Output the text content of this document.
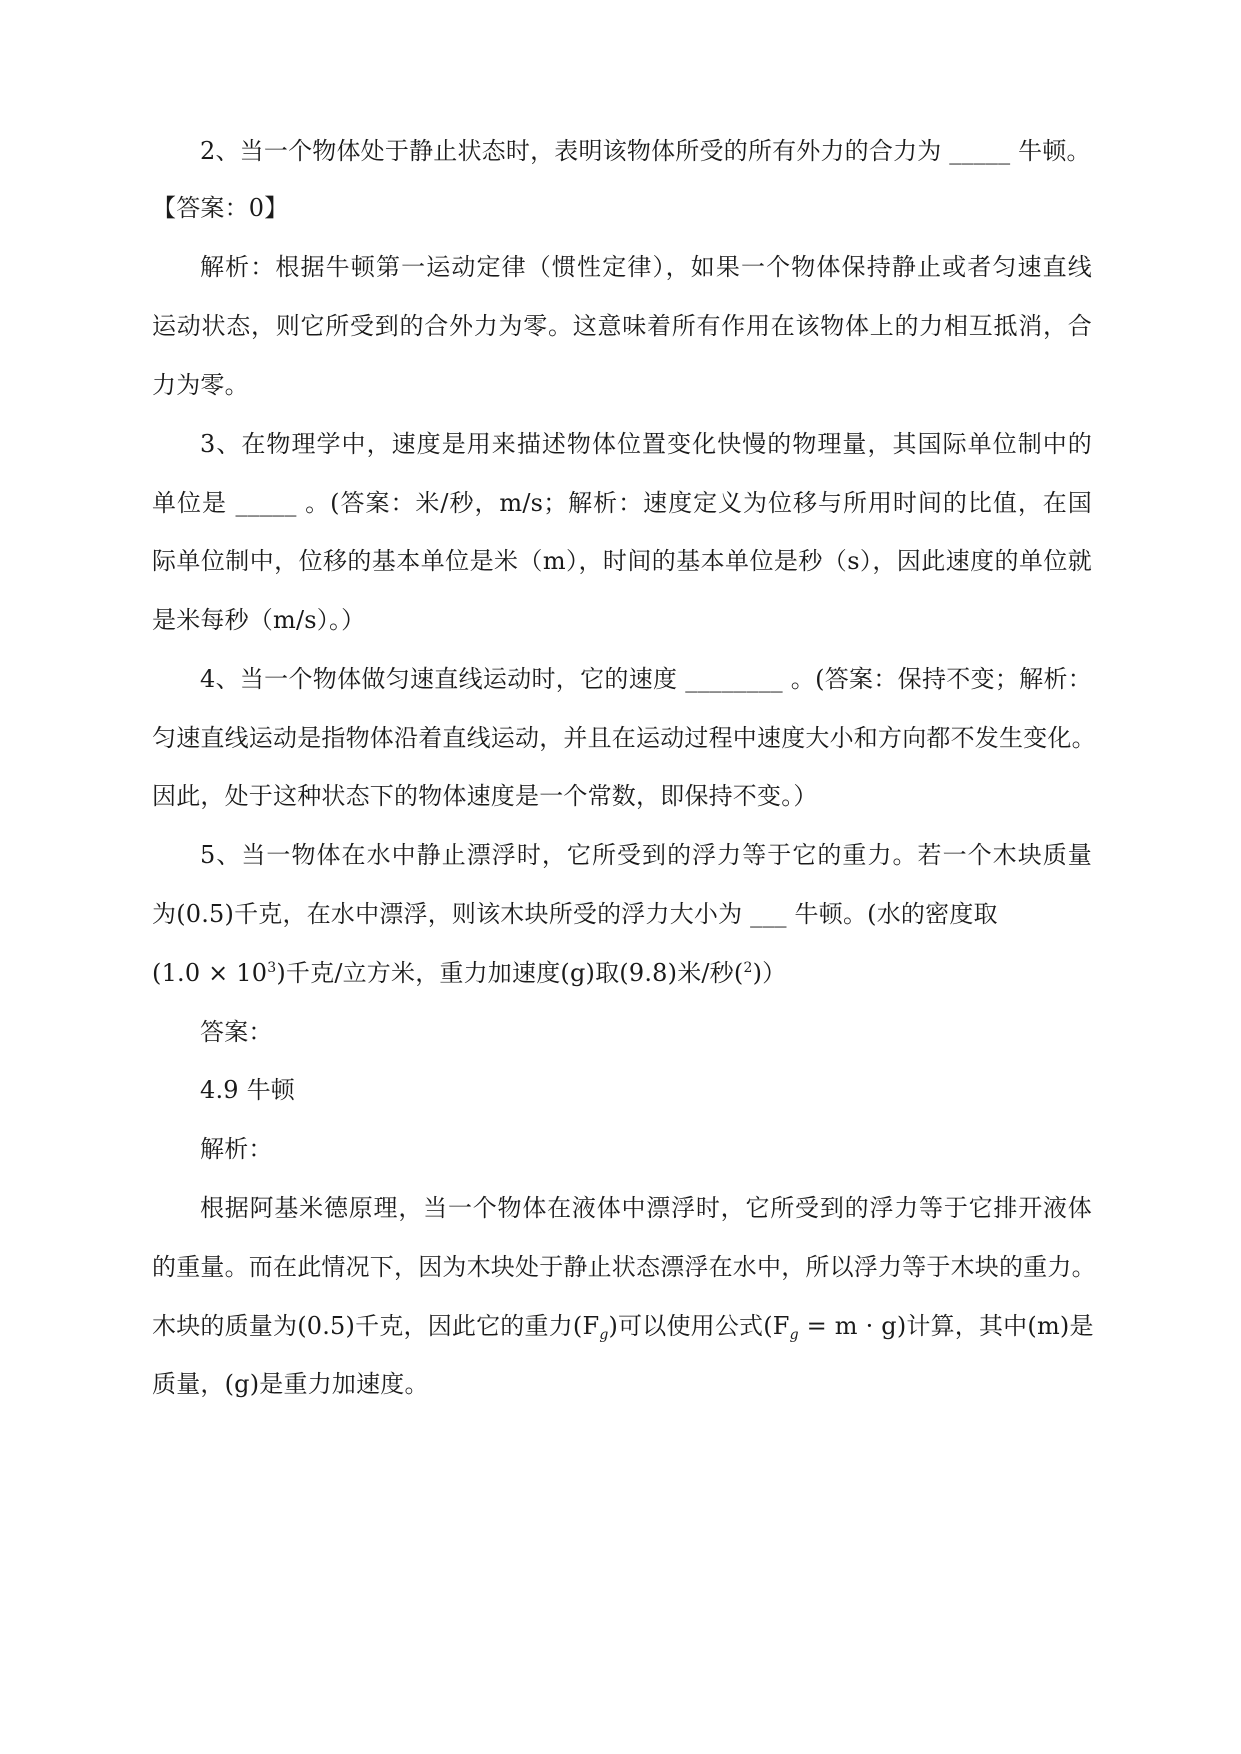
2、当一个物体处于静止状态时，表明该物体所受的所有外力的合力为 _____ 牛顿。
【答案：0】
解析：根据牛顿第一运动定律（惯性定律），如果一个物体保持静止或者匀速直线
运动状态，则它所受到的合外力为零。这意味着所有作用在该物体上的力相互抵消，合
力为零。
3、在物理学中，速度是用来描述物体位置变化快慢的物理量，其国际单位制中的
单位是 _____ 。(答案：米/秒，m/s；解析：速度定义为位移与所用时间的比值，在国
际单位制中，位移的基本单位是米（m），时间的基本单位是秒（s），因此速度的单位就
是米每秒（m/s）。）
4、当一个物体做匀速直线运动时，它的速度 ________ 。(答案：保持不变；解析：
匀速直线运动是指物体沿着直线运动，并且在运动过程中速度大小和方向都不发生变化。
因此，处于这种状态下的物体速度是一个常数，即保持不变。）
5、当一物体在水中静止漂浮时，它所受到的浮力等于它的重力。若一个木块质量
为(0.5)千克，在水中漂浮，则该木块所受的浮力大小为 ___ 牛顿。(水的密度取
$(1.0 \times 10^3)$千克/立方米，重力加速度(g)取(9.8)米/秒($^2$)）
答案：
4.9 牛顿
解析：
根据阿基米德原理，当一个物体在液体中漂浮时，它所受到的浮力等于它排开液体
的重量。而在此情况下，因为木块处于静止状态漂浮在水中，所以浮力等于木块的重力。
木块的质量为(0.5)千克，因此它的重力$(F_g)$可以使用公式$(F_g = m \cdot g)$计算，其中(m)是
质量，(g)是重力加速度。
